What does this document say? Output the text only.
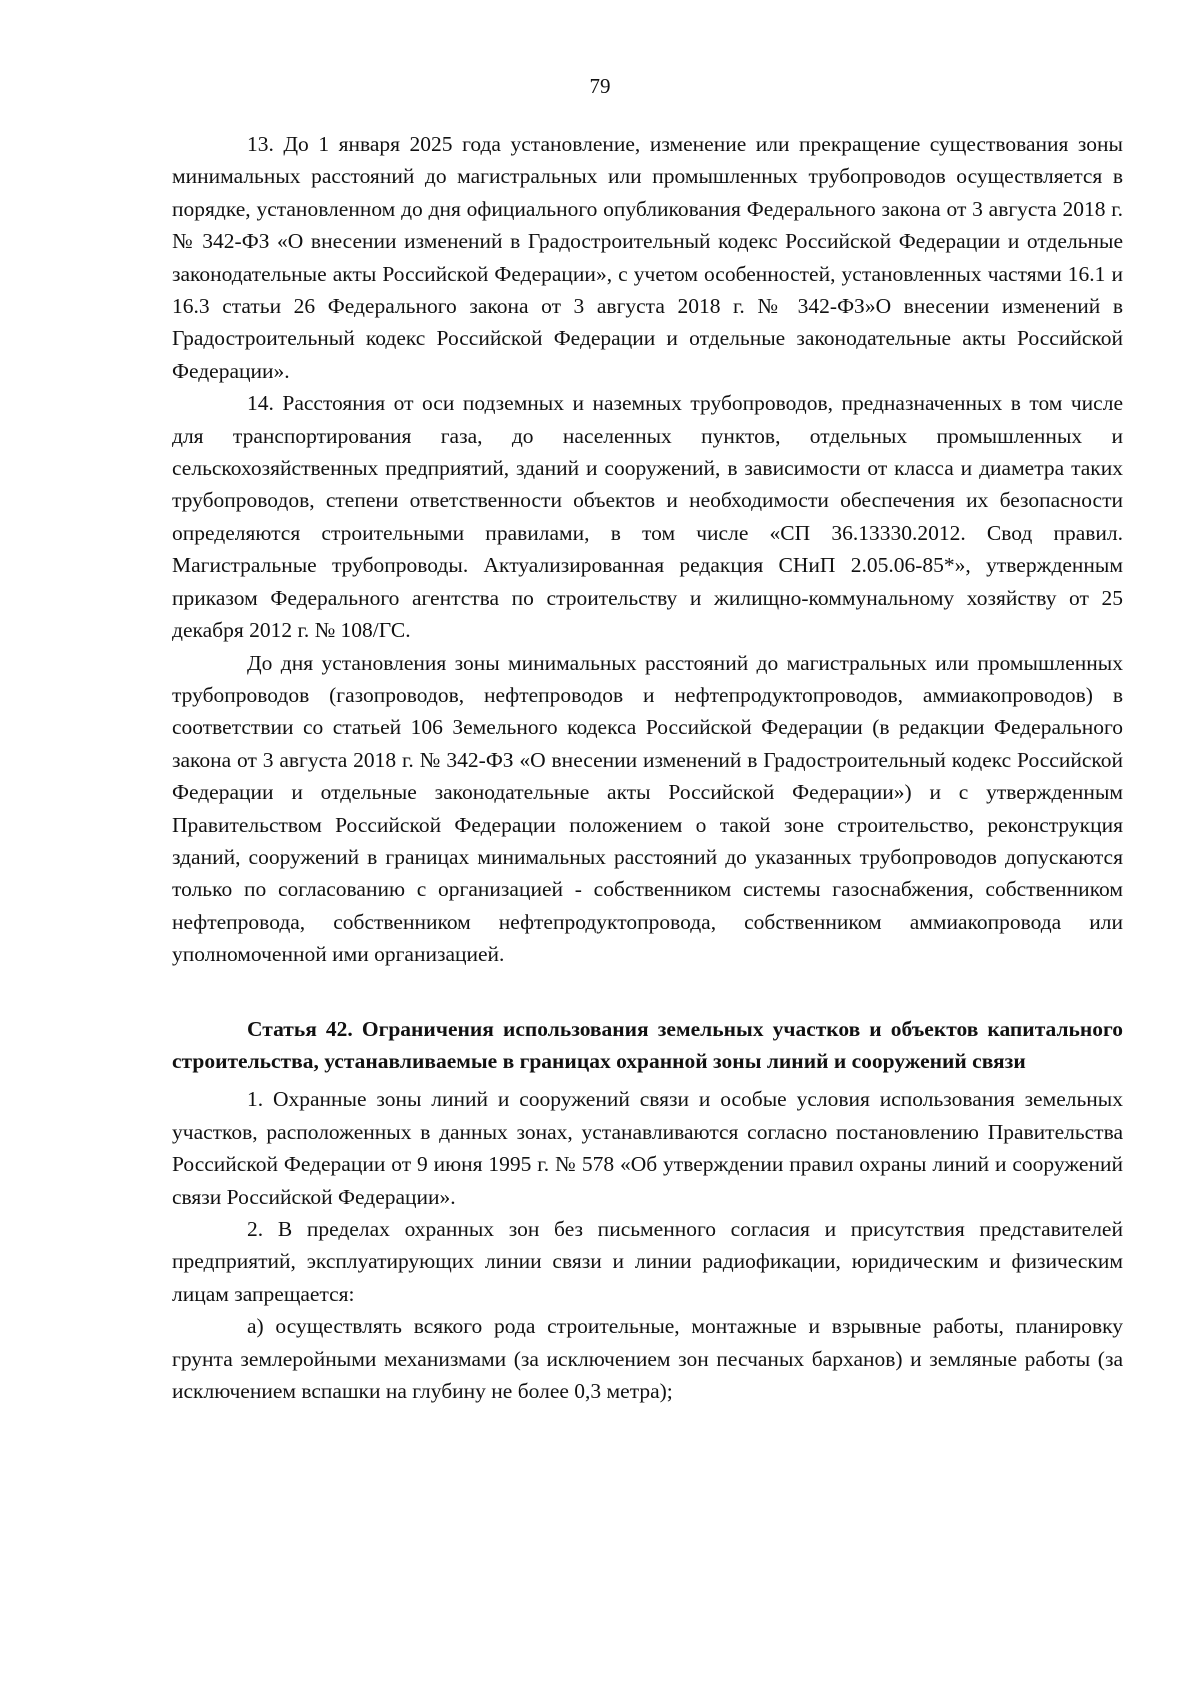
79

13. До 1 января 2025 года установление, изменение или прекращение существования зоны минимальных расстояний до магистральных или промышленных трубопроводов осуществляется в порядке, установленном до дня официального опубликования Федерального закона от 3 августа 2018 г. № 342-ФЗ «О внесении изменений в Градостроительный кодекс Российской Федерации и отдельные законодательные акты Российской Федерации», с учетом особенностей, установленных частями 16.1 и 16.3 статьи 26 Федерального закона от 3 августа 2018 г. № 342-ФЗ»О внесении изменений в Градостроительный кодекс Российской Федерации и отдельные законодательные акты Российской Федерации».

14. Расстояния от оси подземных и наземных трубопроводов, предназначенных в том числе для транспортирования газа, до населенных пунктов, отдельных промышленных и сельскохозяйственных предприятий, зданий и сооружений, в зависимости от класса и диаметра таких трубопроводов, степени ответственности объектов и необходимости обеспечения их безопасности определяются строительными правилами, в том числе «СП 36.13330.2012. Свод правил. Магистральные трубопроводы. Актуализированная редакция СНиП 2.05.06-85*», утвержденным приказом Федерального агентства по строительству и жилищно-коммунальному хозяйству от 25 декабря 2012 г. № 108/ГС.

До дня установления зоны минимальных расстояний до магистральных или промышленных трубопроводов (газопроводов, нефтепроводов и нефтепродуктопроводов, аммиакопроводов) в соответствии со статьей 106 Земельного кодекса Российской Федерации (в редакции Федерального закона от 3 августа 2018 г. № 342-ФЗ «О внесении изменений в Градостроительный кодекс Российской Федерации и отдельные законодательные акты Российской Федерации») и с утвержденным Правительством Российской Федерации положением о такой зоне строительство, реконструкция зданий, сооружений в границах минимальных расстояний до указанных трубопроводов допускаются только по согласованию с организацией - собственником системы газоснабжения, собственником нефтепровода, собственником нефтепродуктопровода, собственником аммиакопровода или уполномоченной ими организацией.

Статья 42. Ограничения использования земельных участков и объектов капитального строительства, устанавливаемые в границах охранной зоны линий и сооружений связи

1. Охранные зоны линий и сооружений связи и особые условия использования земельных участков, расположенных в данных зонах, устанавливаются согласно постановлению Правительства Российской Федерации от 9 июня 1995 г. № 578 «Об утверждении правил охраны линий и сооружений связи Российской Федерации».

2. В пределах охранных зон без письменного согласия и присутствия представителей предприятий, эксплуатирующих линии связи и линии радиофикации, юридическим и физическим лицам запрещается:

а) осуществлять всякого рода строительные, монтажные и взрывные работы, планировку грунта землеройными механизмами (за исключением зон песчаных барханов) и земляные работы (за исключением вспашки на глубину не более 0,3 метра);
